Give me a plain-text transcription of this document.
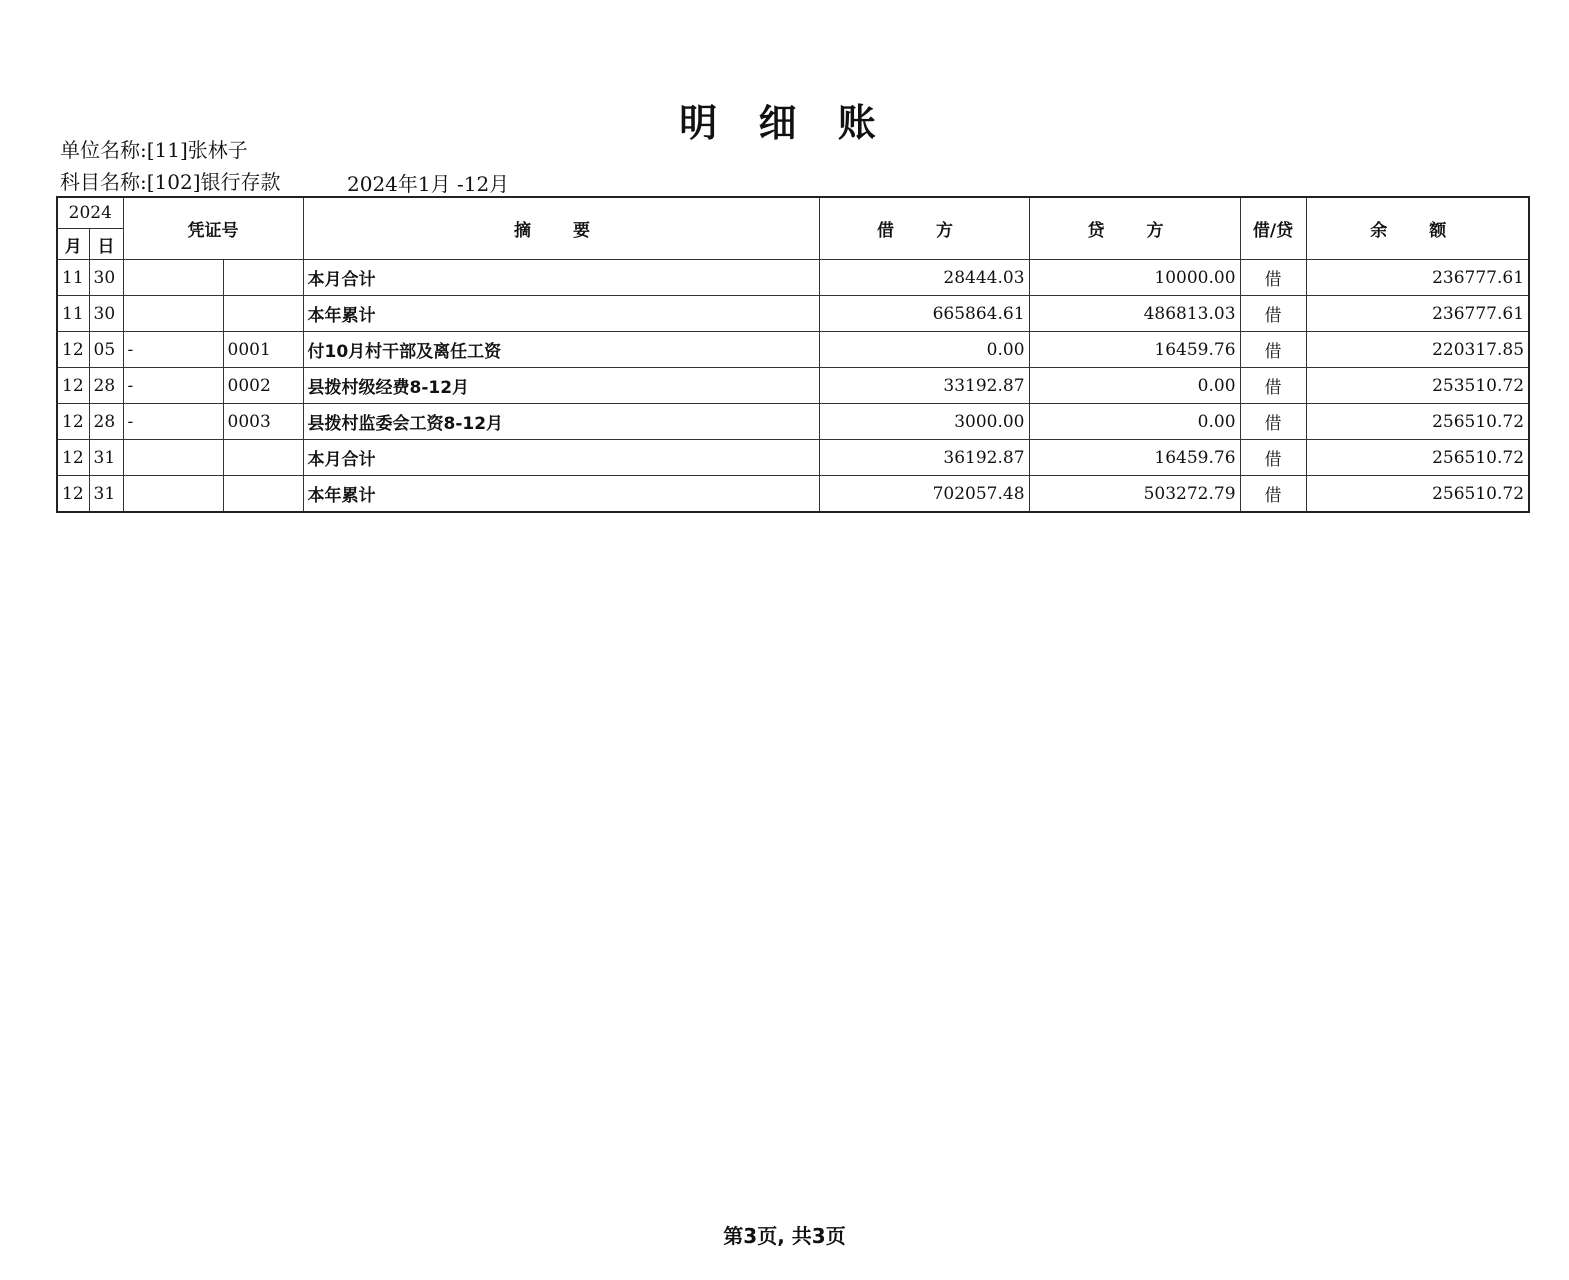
明 细 账
单位名称:[11]张林子
科目名称:[102]银行存款	2024年1月 -12月
2024		凭证号		摘 要	借 方	贷 方	借/贷	余 额
月	日							
11	30			本月合计	28444.03	10000.00	借	236777.61
11	30			本年累计	665864.61	486813.03	借	236777.61
12	05	-	0001	付10月村干部及离任工资	0.00	16459.76	借	220317.85
12	28	-	0002	县拨村级经费8-12月	33192.87	0.00	借	253510.72
12	28	-	0003	县拨村监委会工资8-12月	3000.00	0.00	借	256510.72
12	31			本月合计	36192.87	16459.76	借	256510.72
12	31			本年累计	702057.48	503272.79	借	256510.72
第3页, 共3页
